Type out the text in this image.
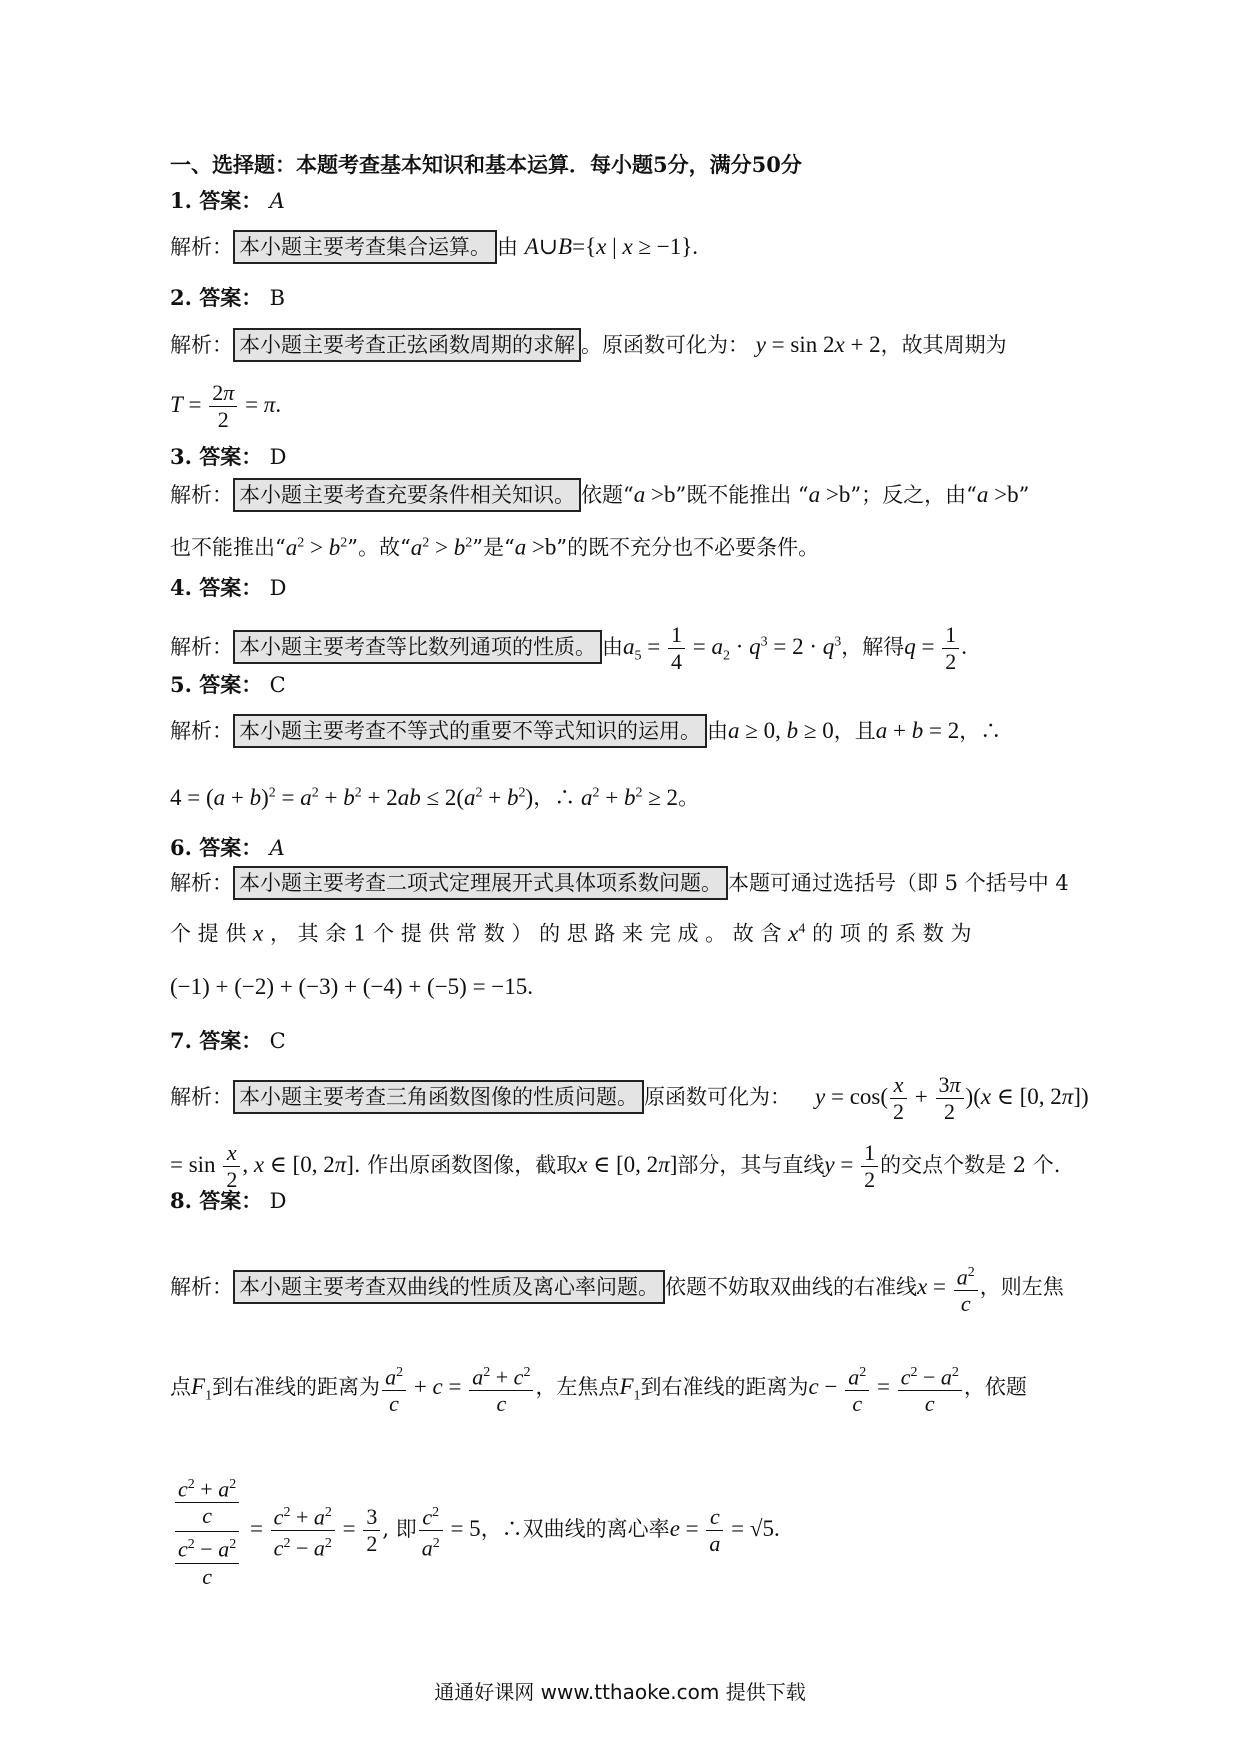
一、选择题：本题考查基本知识和基本运算．每小题5分，满分50分
1. 答案： A
解析： 本小题主要考查集合运算。 由 A∪B={x | x ≥ −1}.
2. 答案： B
解析： 本小题主要考查正弦函数周期的求解 。原函数可化为： y = sin 2x + 2，故其周期为
$T = \frac{2\pi}{2} = \pi$.
3. 答案： D
解析： 本小题主要考查充要条件相关知识。 依题“a >b”既不能推出 “a >b”；反之，由“a >b”
也不能推出“$a^2 > b^2$”。故“$a^2 > b^2$”是“a >b”的既不充分也不必要条件。
4. 答案： D
解析： 本小题主要考查等比数列通项的性质。 由$a_5 = \frac{1}{4} = a_2 \cdot q^3 = 2 \cdot q^3$，解得$q = \frac{1}{2}$ .
5. 答案： C
解析： 本小题主要考查不等式的重要不等式知识的运用。 由a ≥ 0, b ≥ 0，且a + b = 2，∴
$4 = (a + b)^2 = a^2 + b^2 + 2ab \le 2(a^2 + b^2)$，∴ $a^2 + b^2 \ge 2$。
6. 答案： A
解析： 本小题主要考查二项式定理展开式具体项系数问题。 本题可通过选括号（即 5 个括号中 4
个 提 供 x ， 其 余 1 个 提 供 常 数 ） 的 思 路 来 完 成 。 故 含 $x^4$ 的 项 的 系 数 为
(−1) + (−2) + (−3) + (−4) + (−5) = −15.
7. 答案： C
解析： 本小题主要考查三角函数图像的性质问题。 原函数可化为： $y = \cos( \frac{x}{2} + \frac{3\pi}{2} )(x$ ∈ [0, 2π])
= $\sin \frac{x}{2}$ , x ∈ [0, 2π]. 作出原函数图像，截取x ∈ [0, 2π]部分，其与直线$y = \frac{1}{2}$ 的交点个数是 2 个.
8. 答案： D
解析： 本小题主要考查双曲线的性质及离心率问题。 依题不妨取双曲线的右准线$x = \frac{a^2}{c}$ ，则左焦
点$F_1$到右准线的距离为 $\frac{a^2}{c} + c = \frac{a^2 + c^2}{c}$ ，左焦点$F_1$到右准线的距离为$c - \frac{a^2}{c} = \frac{c^2 - a^2}{c}$ ，依题
$\frac{\frac{c^2 + a^2}{c}}{\frac{c^2 - a^2}{c}} = \frac{c^2 + a^2}{c^2 - a^2} = \frac{3}{2}$ , 即 $\frac{c^2}{a^2} = 5$，∴双曲线的离心率$e = \frac{c}{a} = √5$.
通通好课网 www.tthaoke.com 提供下载
